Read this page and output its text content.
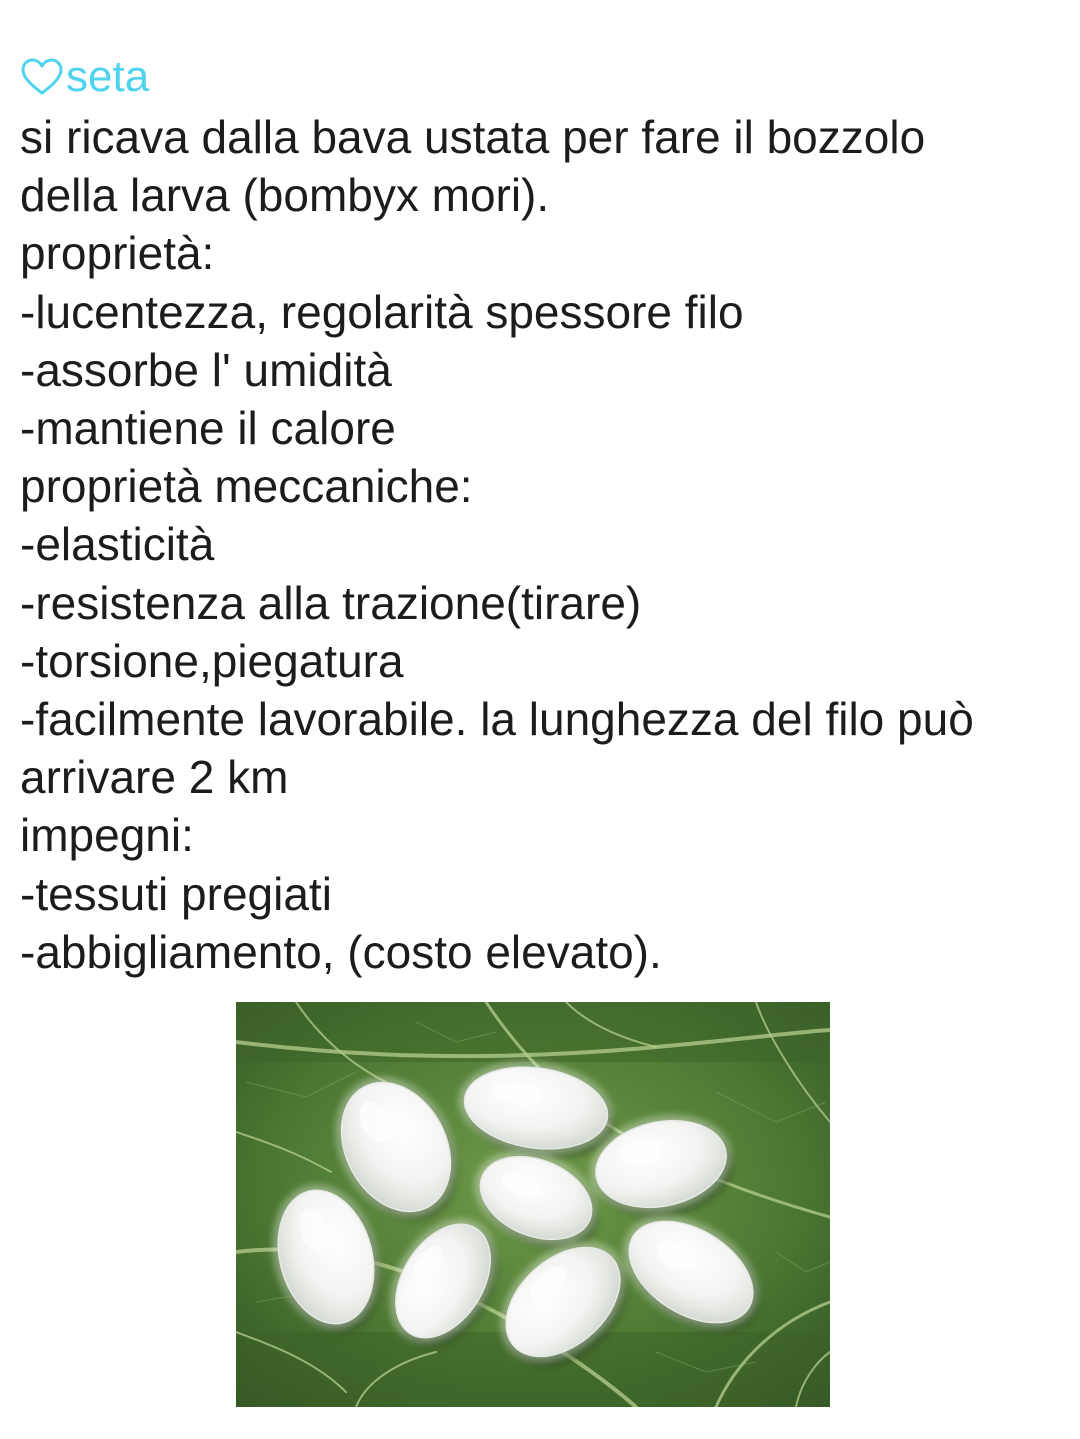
seta
si ricava dalla bava ustata per fare il bozzolo
della larva (bombyx mori).
proprietà:
-lucentezza, regolarità spessore filo
-assorbe l' umidità
-mantiene il calore
proprietà meccaniche:
-elasticità
-resistenza alla trazione(tirare)
-torsione,piegatura
-facilmente lavorabile. la lunghezza del filo può
arrivare 2 km
impegni:
-tessuti pregiati
-abbigliamento, (costo elevato).
